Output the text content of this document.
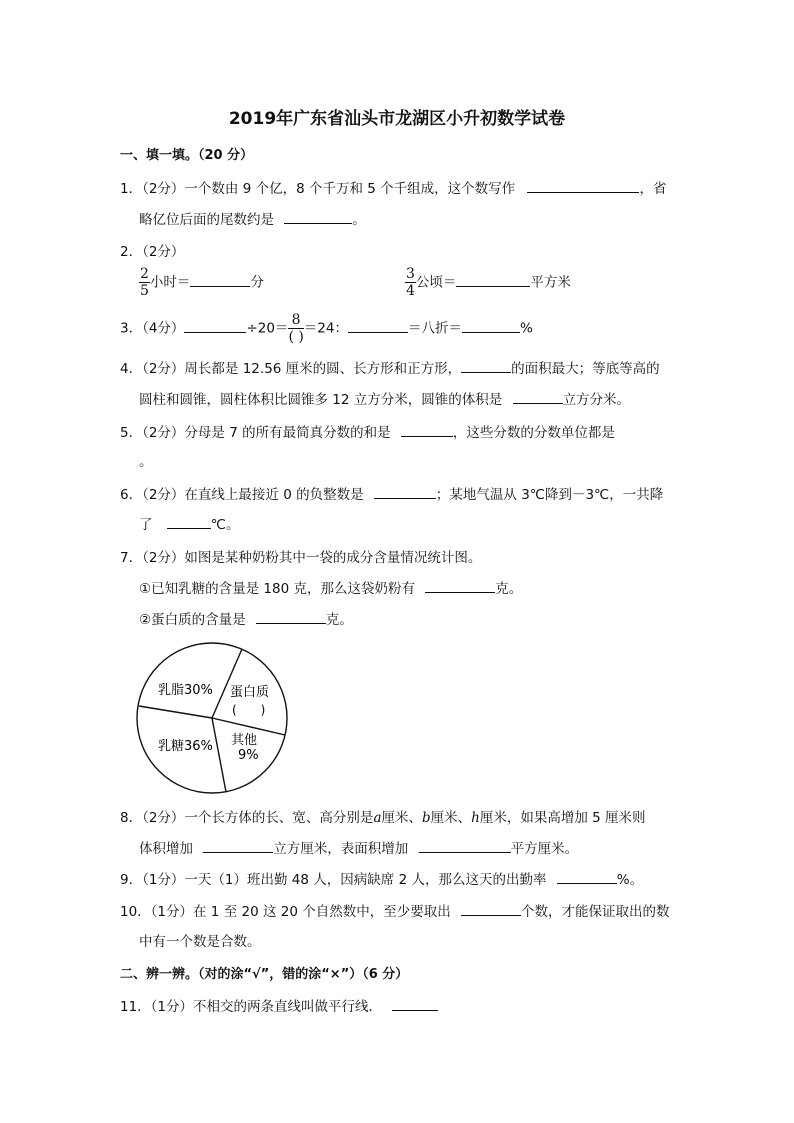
2019年广东省汕头市龙湖区小升初数学试卷
一、填一填。（20 分）
1．（2分）一个数由 9 个亿，8 个千万和 5 个千组成，这个数写作	，省
略亿位后面的尾数约是	。
2．（2分）
$\frac{2}{5}$ 小时＝	分	$\frac{3}{4}$ 公顷＝	平方米
3．（4分）	$\div 20= \frac{8}{( )} =24$：	＝八折＝	%
4．（2分）周长都是 12.56 厘米的圆、长方形和正方形，	的面积最大；等底等高的
圆柱和圆锥，圆柱体积比圆锥多 12 立方分米，圆锥的体积是	立方分米。
5．（2分）分母是 7 的所有最简真分数的和是	，这些分数的分数单位都是
。
6．（2分）在直线上最接近 0 的负整数是	；某地气温从 3℃降到－3℃，一共降
了	℃。
7．（2分）如图是某种奶粉其中一袋的成分含量情况统计图。
①已知乳糖的含量是 180 克，那么这袋奶粉有	克。
②蛋白质的含量是	克。
乳脂30% 蛋白质
(　　)
其他
9%
乳糖36%
8．（2分）一个长方体的长、宽、高分别是a厘米、b厘米、h厘米，如果高增加 5 厘米则
体积增加	立方厘米，表面积增加	平方厘米。
9．（1分）一天（1）班出勤 48 人，因病缺席 2 人，那么这天的出勤率	%。
10．（1分）在 1 至 20 这 20 个自然数中，至少要取出	个数，才能保证取出的数
中有一个数是合数。
二、辨一辨。（对的涂“√”，错的涂“×”）（6 分）
11．（1分）不相交的两条直线叫做平行线．
